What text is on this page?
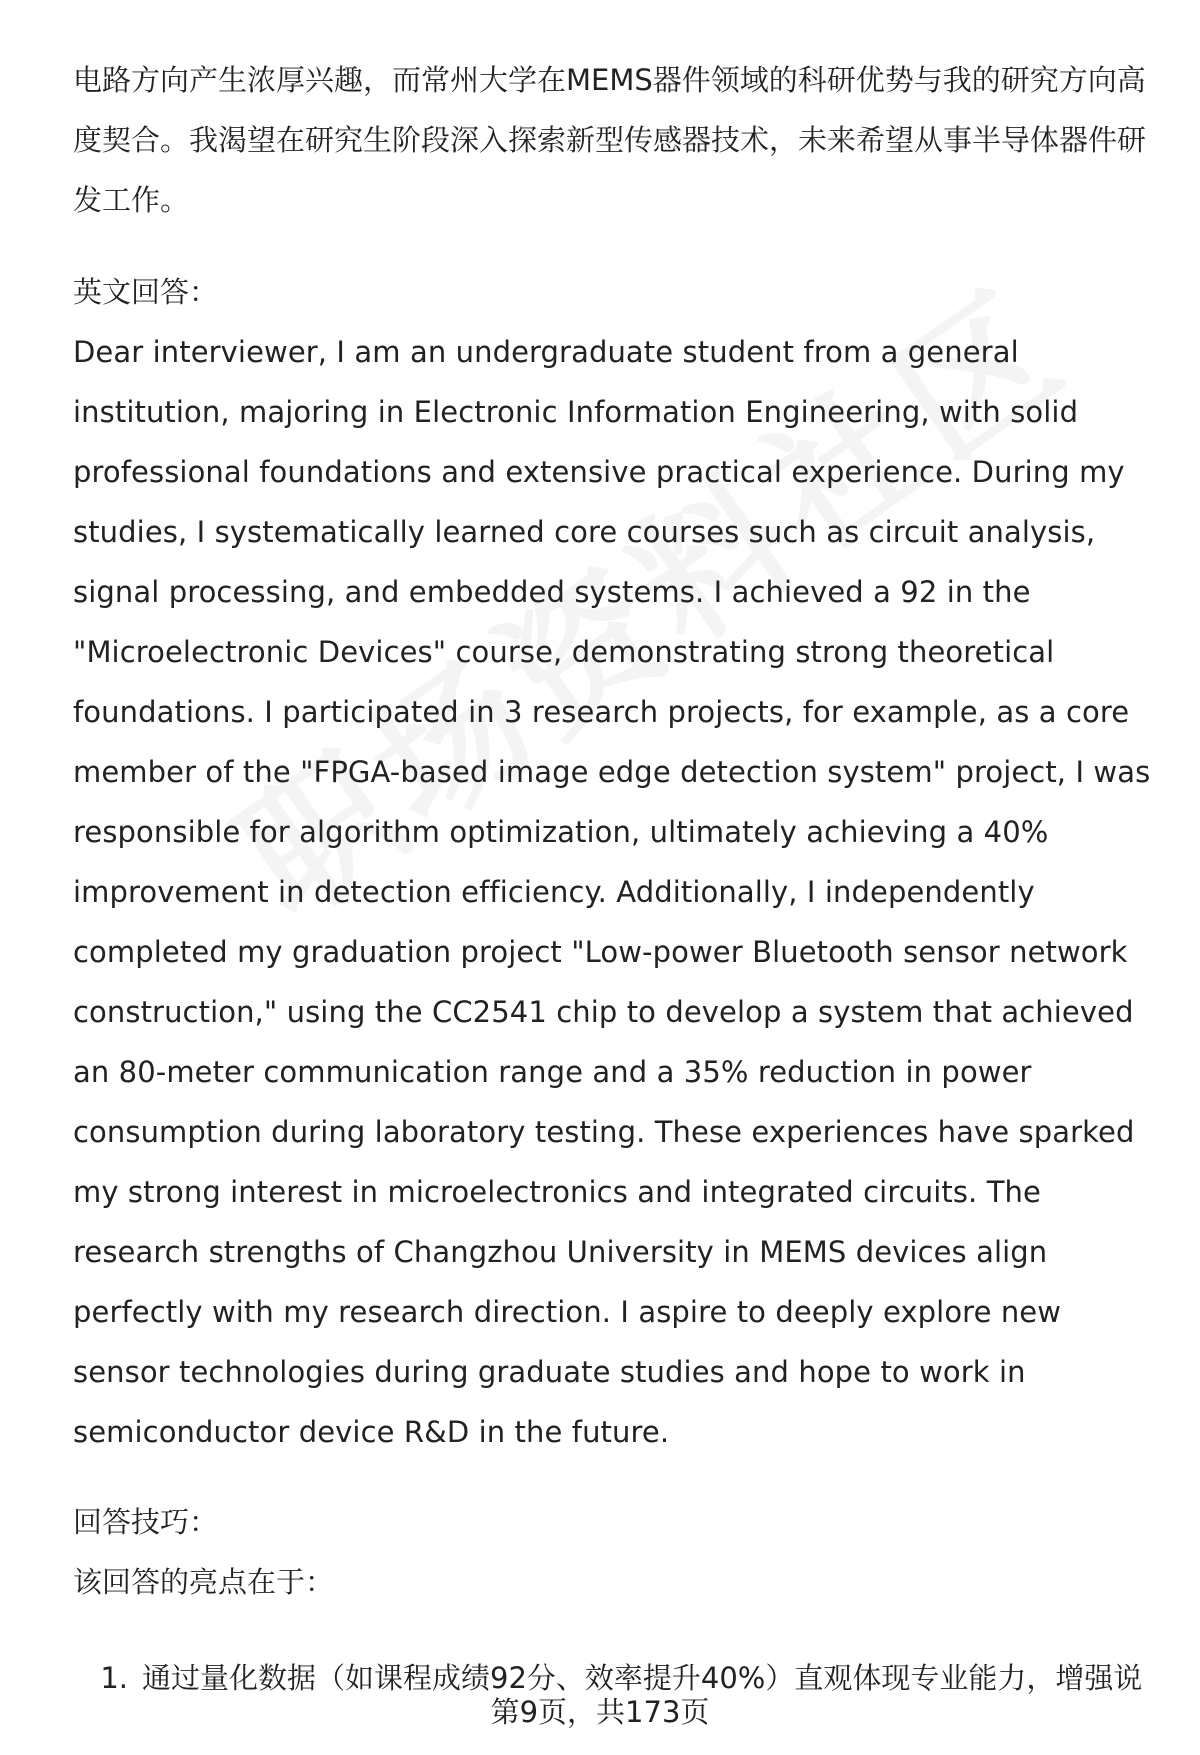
电路方向产生浓厚兴趣，而常州大学在MEMS器件领域的科研优势与我的研究方向高度契合。我渴望在研究生阶段深入探索新型传感器技术，未来希望从事半导体器件研发工作。

英文回答：

Dear interviewer, I am an undergraduate student from a general institution, majoring in Electronic Information Engineering, with solid professional foundations and extensive practical experience. During my studies, I systematically learned core courses such as circuit analysis, signal processing, and embedded systems. I achieved a 92 in the "Microelectronic Devices" course, demonstrating strong theoretical foundations. I participated in 3 research projects, for example, as a core member of the "FPGA-based image edge detection system" project, I was responsible for algorithm optimization, ultimately achieving a 40% improvement in detection efficiency. Additionally, I independently completed my graduation project "Low-power Bluetooth sensor network construction," using the CC2541 chip to develop a system that achieved an 80-meter communication range and a 35% reduction in power consumption during laboratory testing. These experiences have sparked my strong interest in microelectronics and integrated circuits. The research strengths of Changzhou University in MEMS devices align perfectly with my research direction. I aspire to deeply explore new sensor technologies during graduate studies and hope to work in semiconductor device R&D in the future.

回答技巧：

该回答的亮点在于：

1. 通过量化数据（如课程成绩92分、效率提升40%）直观体现专业能力，增强说
第9页，共173页
